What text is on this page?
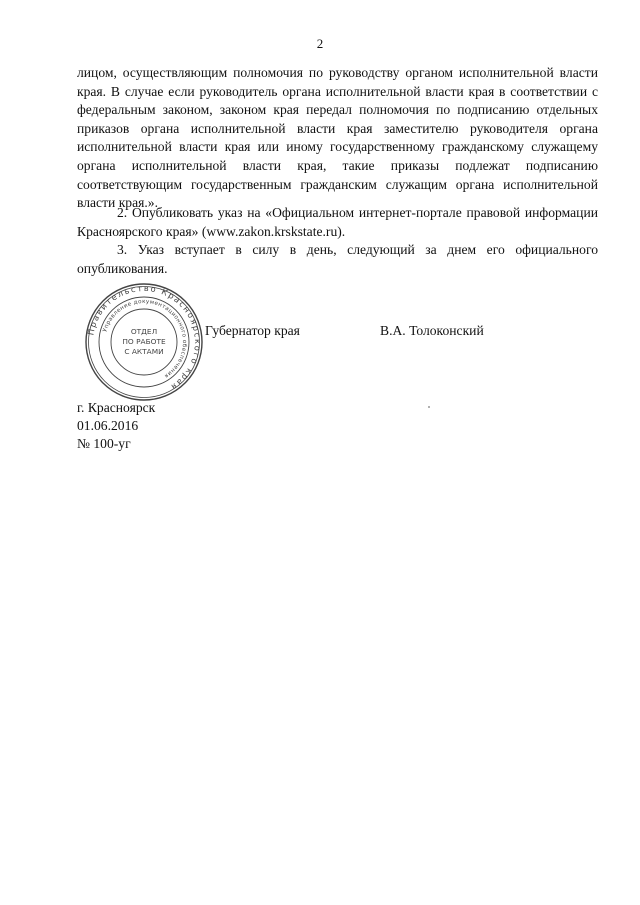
2
лицом, осуществляющим полномочия по руководству органом исполнительной власти края. В случае если руководитель органа исполнительной власти края в соответствии с федеральным законом, законом края передал полномочия по подписанию отдельных приказов органа исполнительной власти края заместителю руководителя органа исполнительной власти края или иному государственному гражданскому служащему органа исполнительной власти края, такие приказы подлежат подписанию соответствующим государственным гражданским служащим органа исполнительной власти края.».
2. Опубликовать указ на «Официальном интернет-портале правовой информации Красноярского края» (www.zakon.krskstate.ru).
3. Указ вступает в силу в день, следующий за днем его официального опубликования.
Правительство Красноярского края
Управление документационного обеспечения
ОТДЕЛ
ПО РАБОТЕ
С АКТАМИ
Губернатор края	В.А. Толоконский
г. Красноярск
01.06.2016
№ 100-уг
